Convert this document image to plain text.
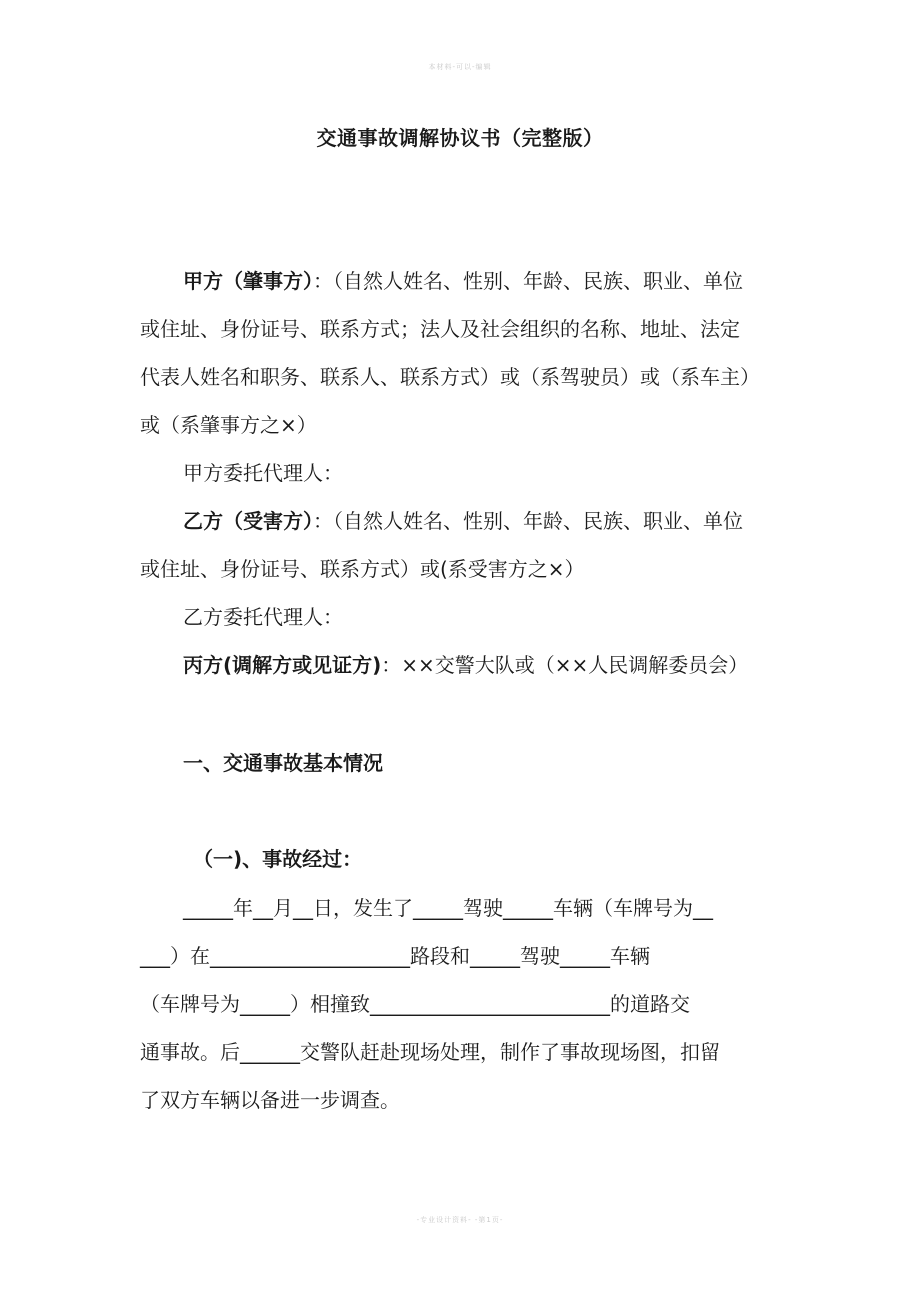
本材料-可以-编辑
交通事故调解协议书（完整版）
甲方（肇事方）：（自然人姓名、性别、年龄、民族、职业、单位
或住址、身份证号、联系方式；法人及社会组织的名称、地址、法定
代表人姓名和职务、联系人、联系方式）或（系驾驶员）或（系车主）
或（系肇事方之×）
甲方委托代理人：
乙方（受害方）：（自然人姓名、性别、年龄、民族、职业、单位
或住址、身份证号、联系方式）或(系受害方之×）
乙方委托代理人：
丙方(调解方或见证方)：××交警大队或（××人民调解委员会）
一、交通事故基本情况
（一)、事故经过：
_____年__月__日，发生了_____驾驶_____车辆（车牌号为__
___）在____________________路段和_____驾驶_____车辆
（车牌号为_____）相撞致________________________的道路交
通事故。后______交警队赶赴现场处理，制作了事故现场图，扣留
了双方车辆以备进一步调查。
-专业设计资料- -第1页-
